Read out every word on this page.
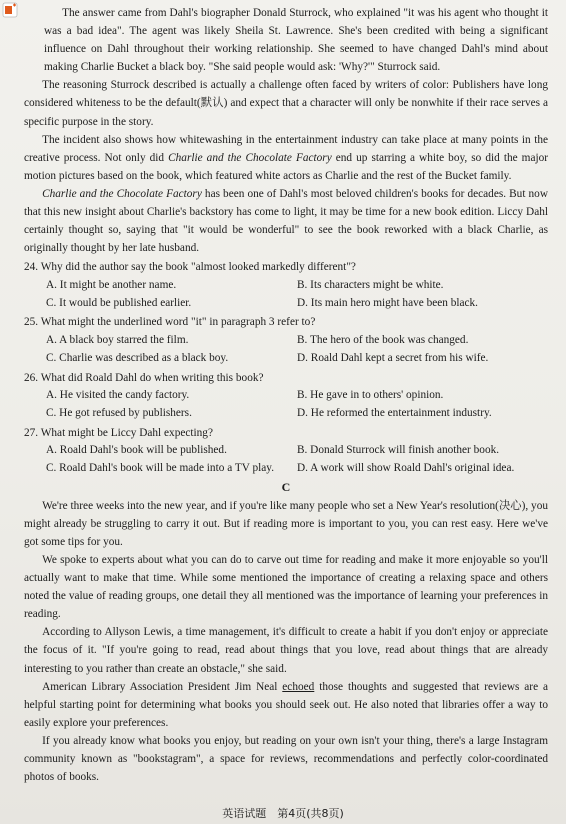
The answer came from Dahl's biographer Donald Sturrock, who explained "it was his agent who thought it was a bad idea". The agent was likely Sheila St. Lawrence. She's been credited with being a significant influence on Dahl throughout their working relationship. She seemed to have changed Dahl's mind about making Charlie Bucket a black boy. "She said people would ask: 'Why?'" Sturrock said.

The reasoning Sturrock described is actually a challenge often faced by writers of color: Publishers have long considered whiteness to be the default(默认) and expect that a character will only be nonwhite if their race serves a specific purpose in the story.

The incident also shows how whitewashing in the entertainment industry can take place at many points in the creative process. Not only did Charlie and the Chocolate Factory end up starring a white boy, so did the major motion pictures based on the book, which featured white actors as Charlie and the rest of the Bucket family.

Charlie and the Chocolate Factory has been one of Dahl's most beloved children's books for decades. But now that this new insight about Charlie's backstory has come to light, it may be time for a new book edition. Liccy Dahl certainly thought so, saying that "it would be wonderful" to see the book reworked with a black Charlie, as originally thought by her late husband.

24. Why did the author say the book "almost looked markedly different"?

A. It might be another name.	B. Its characters might be white.
C. It would be published earlier.	D. Its main hero might have been black.

25. What might the underlined word "it" in paragraph 3 refer to?

A. A black boy starred the film.	B. The hero of the book was changed.
C. Charlie was described as a black boy.	D. Roald Dahl kept a secret from his wife.

26. What did Roald Dahl do when writing this book?

A. He visited the candy factory.	B. He gave in to others' opinion.
C. He got refused by publishers.	D. He reformed the entertainment industry.

27. What might be Liccy Dahl expecting?

A. Roald Dahl's book will be published.	B. Donald Sturrock will finish another book.
C. Roald Dahl's book will be made into a TV play.	D. A work will show Roald Dahl's original idea.
C

We're three weeks into the new year, and if you're like many people who set a New Year's resolution(决心), you might already be struggling to carry it out. But if reading more is important to you, you can rest easy. Here we've got some tips for you.

We spoke to experts about what you can do to carve out time for reading and make it more enjoyable so you'll actually want to make that time. While some mentioned the importance of creating a relaxing space and others noted the value of reading groups, one detail they all mentioned was the importance of learning your preferences in reading.

According to Allyson Lewis, a time management, it's difficult to create a habit if you don't enjoy or appreciate the focus of it. "If you're going to read, read about things that you love, read about things that are already interesting to you rather than create an obstacle," she said.

American Library Association President Jim Neal echoed those thoughts and suggested that reviews are a helpful starting point for determining what books you should seek out. He also noted that libraries offer a way to easily explore your preferences.

If you already know what books you enjoy, but reading on your own isn't your thing, there's a large Instagram community known as "bookstagram", a space for reviews, recommendations and perfectly color-coordinated photos of books.

英语试题　第4页(共8页)
